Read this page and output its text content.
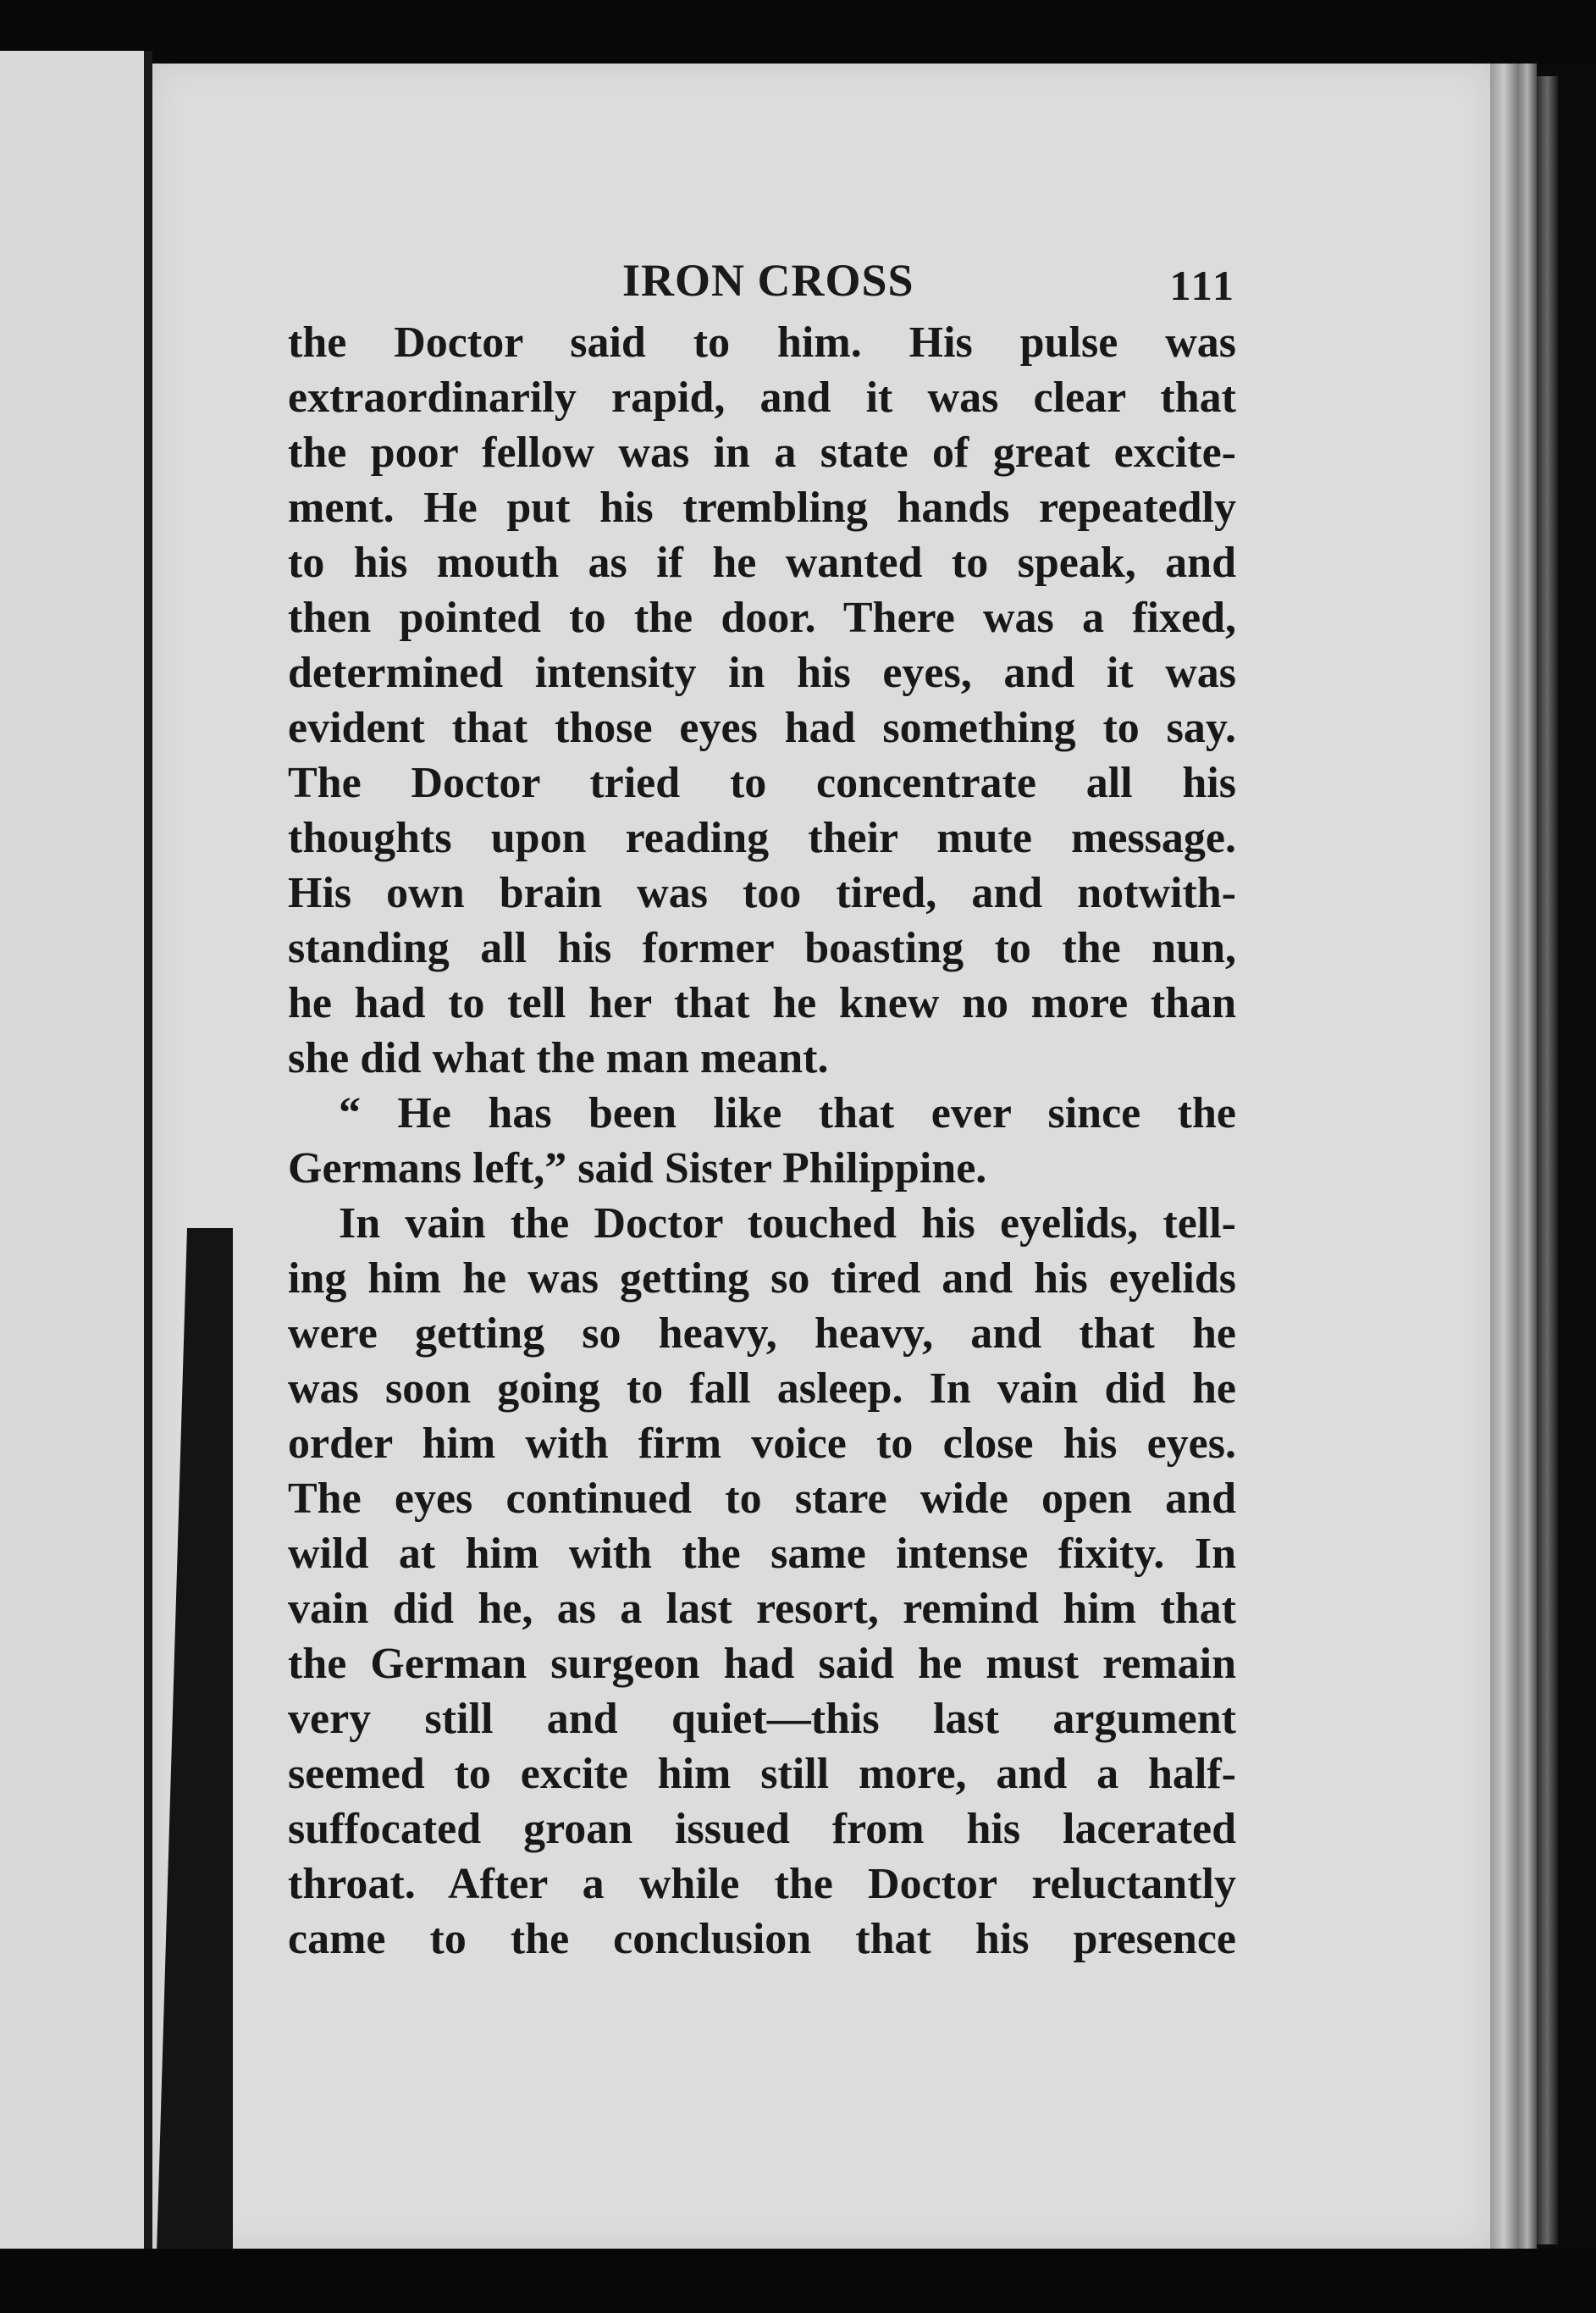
IRON CROSS	111
the Doctor said to him. His pulse was
extraordinarily rapid, and it was clear that
the poor fellow was in a state of great excite-
ment. He put his trembling hands repeatedly
to his mouth as if he wanted to speak, and
then pointed to the door. There was a fixed,
determined intensity in his eyes, and it was
evident that those eyes had something to say.
The Doctor tried to concentrate all his
thoughts upon reading their mute message.
His own brain was too tired, and notwith-
standing all his former boasting to the nun,
he had to tell her that he knew no more than
she did what the man meant.
“ He has been like that ever since the
Germans left,” said Sister Philippine.
In vain the Doctor touched his eyelids, tell-
ing him he was getting so tired and his eyelids
were getting so heavy, heavy, and that he
was soon going to fall asleep. In vain did he
order him with firm voice to close his eyes.
The eyes continued to stare wide open and
wild at him with the same intense fixity. In
vain did he, as a last resort, remind him that
the German surgeon had said he must remain
very still and quiet—this last argument
seemed to excite him still more, and a half-
suffocated groan issued from his lacerated
throat. After a while the Doctor reluctantly
came to the conclusion that his presence
